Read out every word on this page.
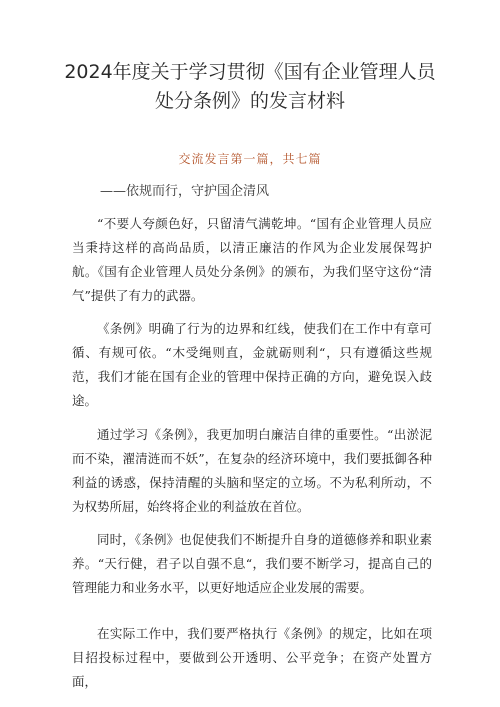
2024年度关于学习贯彻《国有企业管理人员处分条例》的发言材料
交流发言第一篇，共七篇
——依规而行，守护国企清风

“不要人夸颜色好，只留清气满乾坤。“国有企业管理人员应当秉持这样的高尚品质，以清正廉洁的作风为企业发展保驾护航。《国有企业管理人员处分条例》的颁布，为我们坚守这份“清气”提供了有力的武器。

《条例》明确了行为的边界和红线，使我们在工作中有章可循、有规可依。“木受绳则直，金就砺则利“，只有遵循这些规范，我们才能在国有企业的管理中保持正确的方向，避免误入歧途。

通过学习《条例》，我更加明白廉洁自律的重要性。“出淤泥而不染，濯清涟而不妖”，在复杂的经济环境中，我们要抵御各种利益的诱惑，保持清醒的头脑和坚定的立场。不为私利所动，不为权势所屈，始终将企业的利益放在首位。

同时，《条例》也促使我们不断提升自身的道德修养和职业素养。“天行健，君子以自强不息“，我们要不断学习，提高自己的管理能力和业务水平，以更好地适应企业发展的需要。

在实际工作中，我们要严格执行《条例》的规定，比如在项目招投标过程中，要做到公开透明、公平竞争；在资产处置方面，
